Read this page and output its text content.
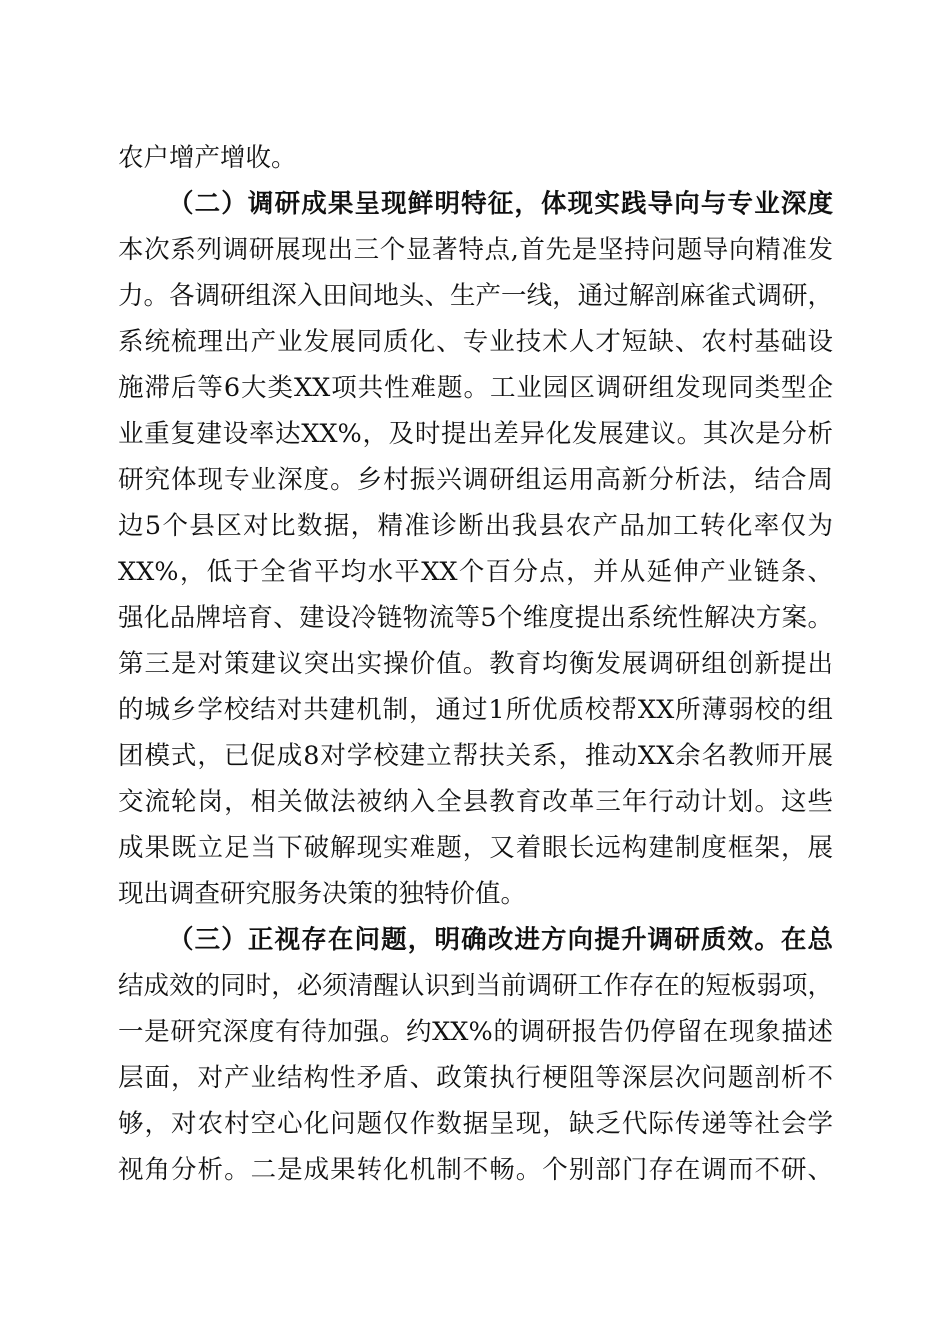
农户增产增收。
（二）调研成果呈现鲜明特征，体现实践导向与专业深度
本次系列调研展现出三个显著特点,首先是坚持问题导向精准发
力。各调研组深入田间地头、生产一线，通过解剖麻雀式调研，
系统梳理出产业发展同质化、专业技术人才短缺、农村基础设
施滞后等6大类XX项共性难题。工业园区调研组发现同类型企
业重复建设率达XX%，及时提出差异化发展建议。其次是分析
研究体现专业深度。乡村振兴调研组运用高新分析法，结合周
边5个县区对比数据，精准诊断出我县农产品加工转化率仅为
XX%，低于全省平均水平XX个百分点，并从延伸产业链条、
强化品牌培育、建设冷链物流等5个维度提出系统性解决方案。
第三是对策建议突出实操价值。教育均衡发展调研组创新提出
的城乡学校结对共建机制，通过1所优质校帮XX所薄弱校的组
团模式，已促成8对学校建立帮扶关系，推动XX余名教师开展
交流轮岗，相关做法被纳入全县教育改革三年行动计划。这些
成果既立足当下破解现实难题，又着眼长远构建制度框架，展
现出调查研究服务决策的独特价值。
（三）正视存在问题，明确改进方向提升调研质效。在总
结成效的同时，必须清醒认识到当前调研工作存在的短板弱项，
一是研究深度有待加强。约XX%的调研报告仍停留在现象描述
层面，对产业结构性矛盾、政策执行梗阻等深层次问题剖析不
够，对农村空心化问题仅作数据呈现，缺乏代际传递等社会学
视角分析。二是成果转化机制不畅。个别部门存在调而不研、
